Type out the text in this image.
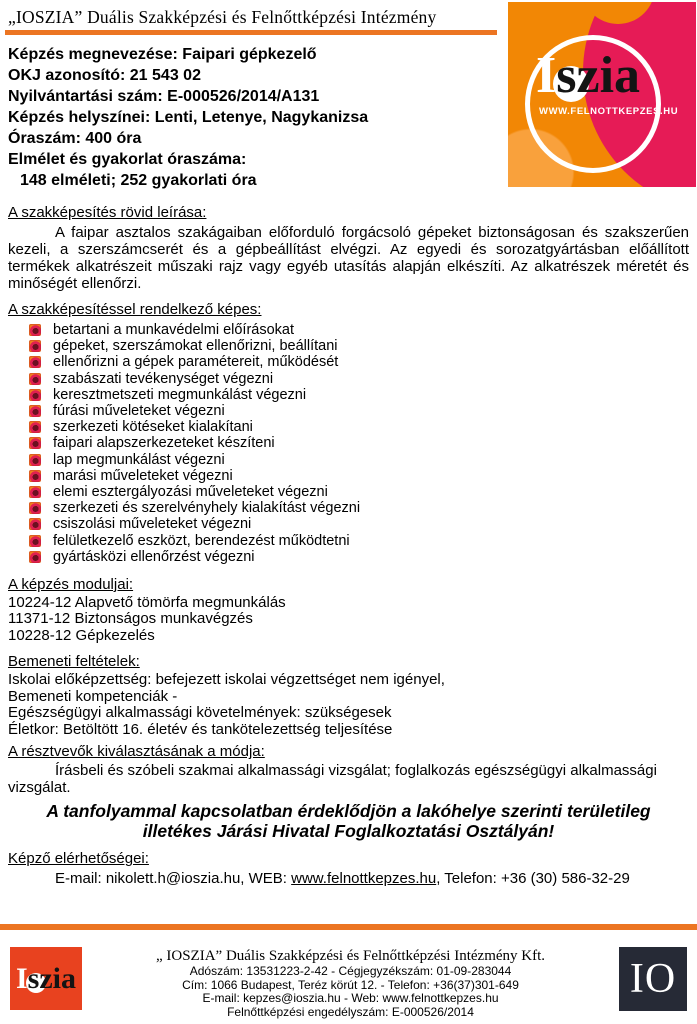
„IOSZIA” Duális Szakképzési és Felnőttképzési Intézmény
Képzés megnevezése: Faipari gépkezelő
OKJ azonosító: 21 543 02
Nyilvántartási szám: E-000526/2014/A131
Képzés helyszínei: Lenti, Letenye, Nagykanizsa
Óraszám: 400 óra
Elmélet és gyakorlat óraszáma:
148 elméleti; 252 gyakorlati óra
A szakképesítés rövid leírása:

A faipar asztalos szakágaiban előforduló forgácsoló gépeket biztonságosan és szakszerűen kezeli, a szerszámcserét és a gépbeállítást elvégzi. Az egyedi és sorozatgyártásban előállított termékek alkatrészeit műszaki rajz vagy egyéb utasítás alapján elkészíti. Az alkatrészek méretét és minőségét ellenőrzi.

A szakképesítéssel rendelkező képes:
betartani a munkavédelmi előírásokat
gépeket, szerszámokat ellenőrizni, beállítani
ellenőrizni a gépek paramétereit, működését
szabászati tevékenységet végezni
keresztmetszeti megmunkálást végezni
fúrási műveleteket végezni
szerkezeti kötéseket kialakítani
faipari alapszerkezeteket készíteni
lap megmunkálást végezni
marási műveleteket végezni
elemi esztergályozási műveleteket végezni
szerkezeti és szerelvényhely kialakítást végezni
csiszolási műveleteket végezni
felületkezelő eszközt, berendezést működtetni
gyártásközi ellenőrzést végezni
A képzés moduljai:
10224-12 Alapvető tömörfa megmunkálás
11371-12 Biztonságos munkavégzés
10228-12 Gépkezelés
Bemeneti feltételek:
Iskolai előképzettség: befejezett iskolai végzettséget nem igényel,
Bemeneti kompetenciák -
Egészségügyi alkalmassági követelmények: szükségesek
Életkor: Betöltött 16. életév és tankötelezettség teljesítése
A résztvevők kiválasztásának a módja:

Írásbeli és szóbeli szakmai alkalmassági vizsgálat; foglalkozás egészségügyi alkalmassági vizsgálat.

A tanfolyammal kapcsolatban érdeklődjön a lakóhelye szerinti területileg illetékes Járási Hivatal Foglalkoztatási Osztályán!

Képző elérhetőségei:
E-mail: nikolett.h@ioszia.hu, WEB: www.felnottkepzes.hu, Telefon: +36 (30) 586-32-29
Iszia
WWW.FELNOTTKEPZES.HU
Iszia
„ IOSZIA” Duális Szakképzési és Felnőttképzési Intézmény Kft.
Adószám: 13531223-2-42 - Cégjegyzékszám: 01-09-283044
Cím: 1066 Budapest, Teréz körút 12. - Telefon: +36(37)301-649
E-mail: kepzes@ioszia.hu - Web: www.felnottkepzes.hu
Felnőttképzési engedélyszám: E-000526/2014
IO
